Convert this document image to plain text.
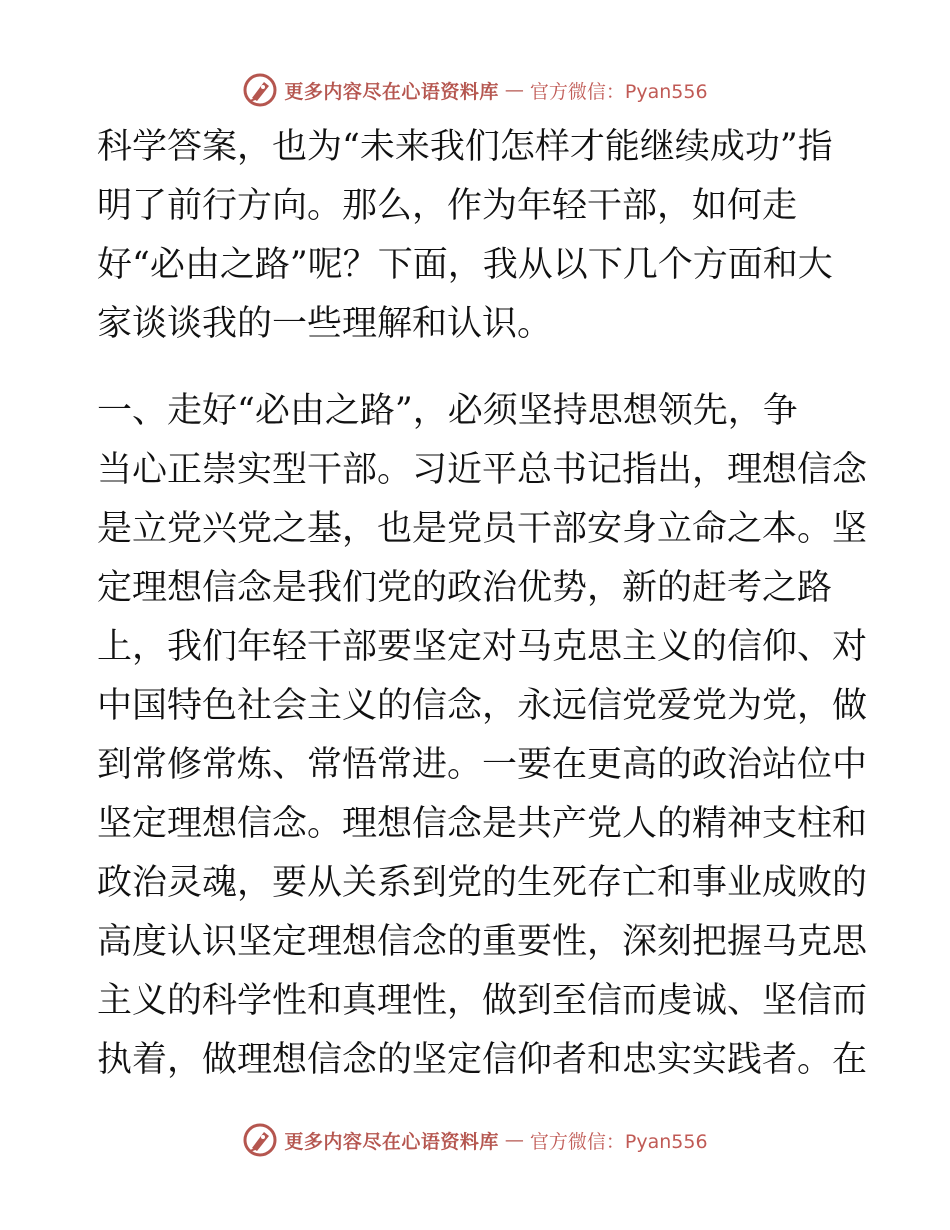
更多内容尽在心语资料库 — 官方微信：Pyan556
科学答案，也为“未来我们怎样才能继续成功”指
明了前行方向。那么，作为年轻干部，如何走
好“必由之路”呢？下面，我从以下几个方面和大
家谈谈我的一些理解和认识。
一、走好“必由之路”，必须坚持思想领先，争
当心正崇实型干部。习近平总书记指出，理想信念
是立党兴党之基，也是党员干部安身立命之本。坚
定理想信念是我们党的政治优势，新的赶考之路
上，我们年轻干部要坚定对马克思主义的信仰、对
中国特色社会主义的信念，永远信党爱党为党，做
到常修常炼、常悟常进。一要在更高的政治站位中
坚定理想信念。理想信念是共产党人的精神支柱和
政治灵魂，要从关系到党的生死存亡和事业成败的
高度认识坚定理想信念的重要性，深刻把握马克思
主义的科学性和真理性，做到至信而虔诚、坚信而
执着，做理想信念的坚定信仰者和忠实实践者。在
更多内容尽在心语资料库 — 官方微信：Pyan556
